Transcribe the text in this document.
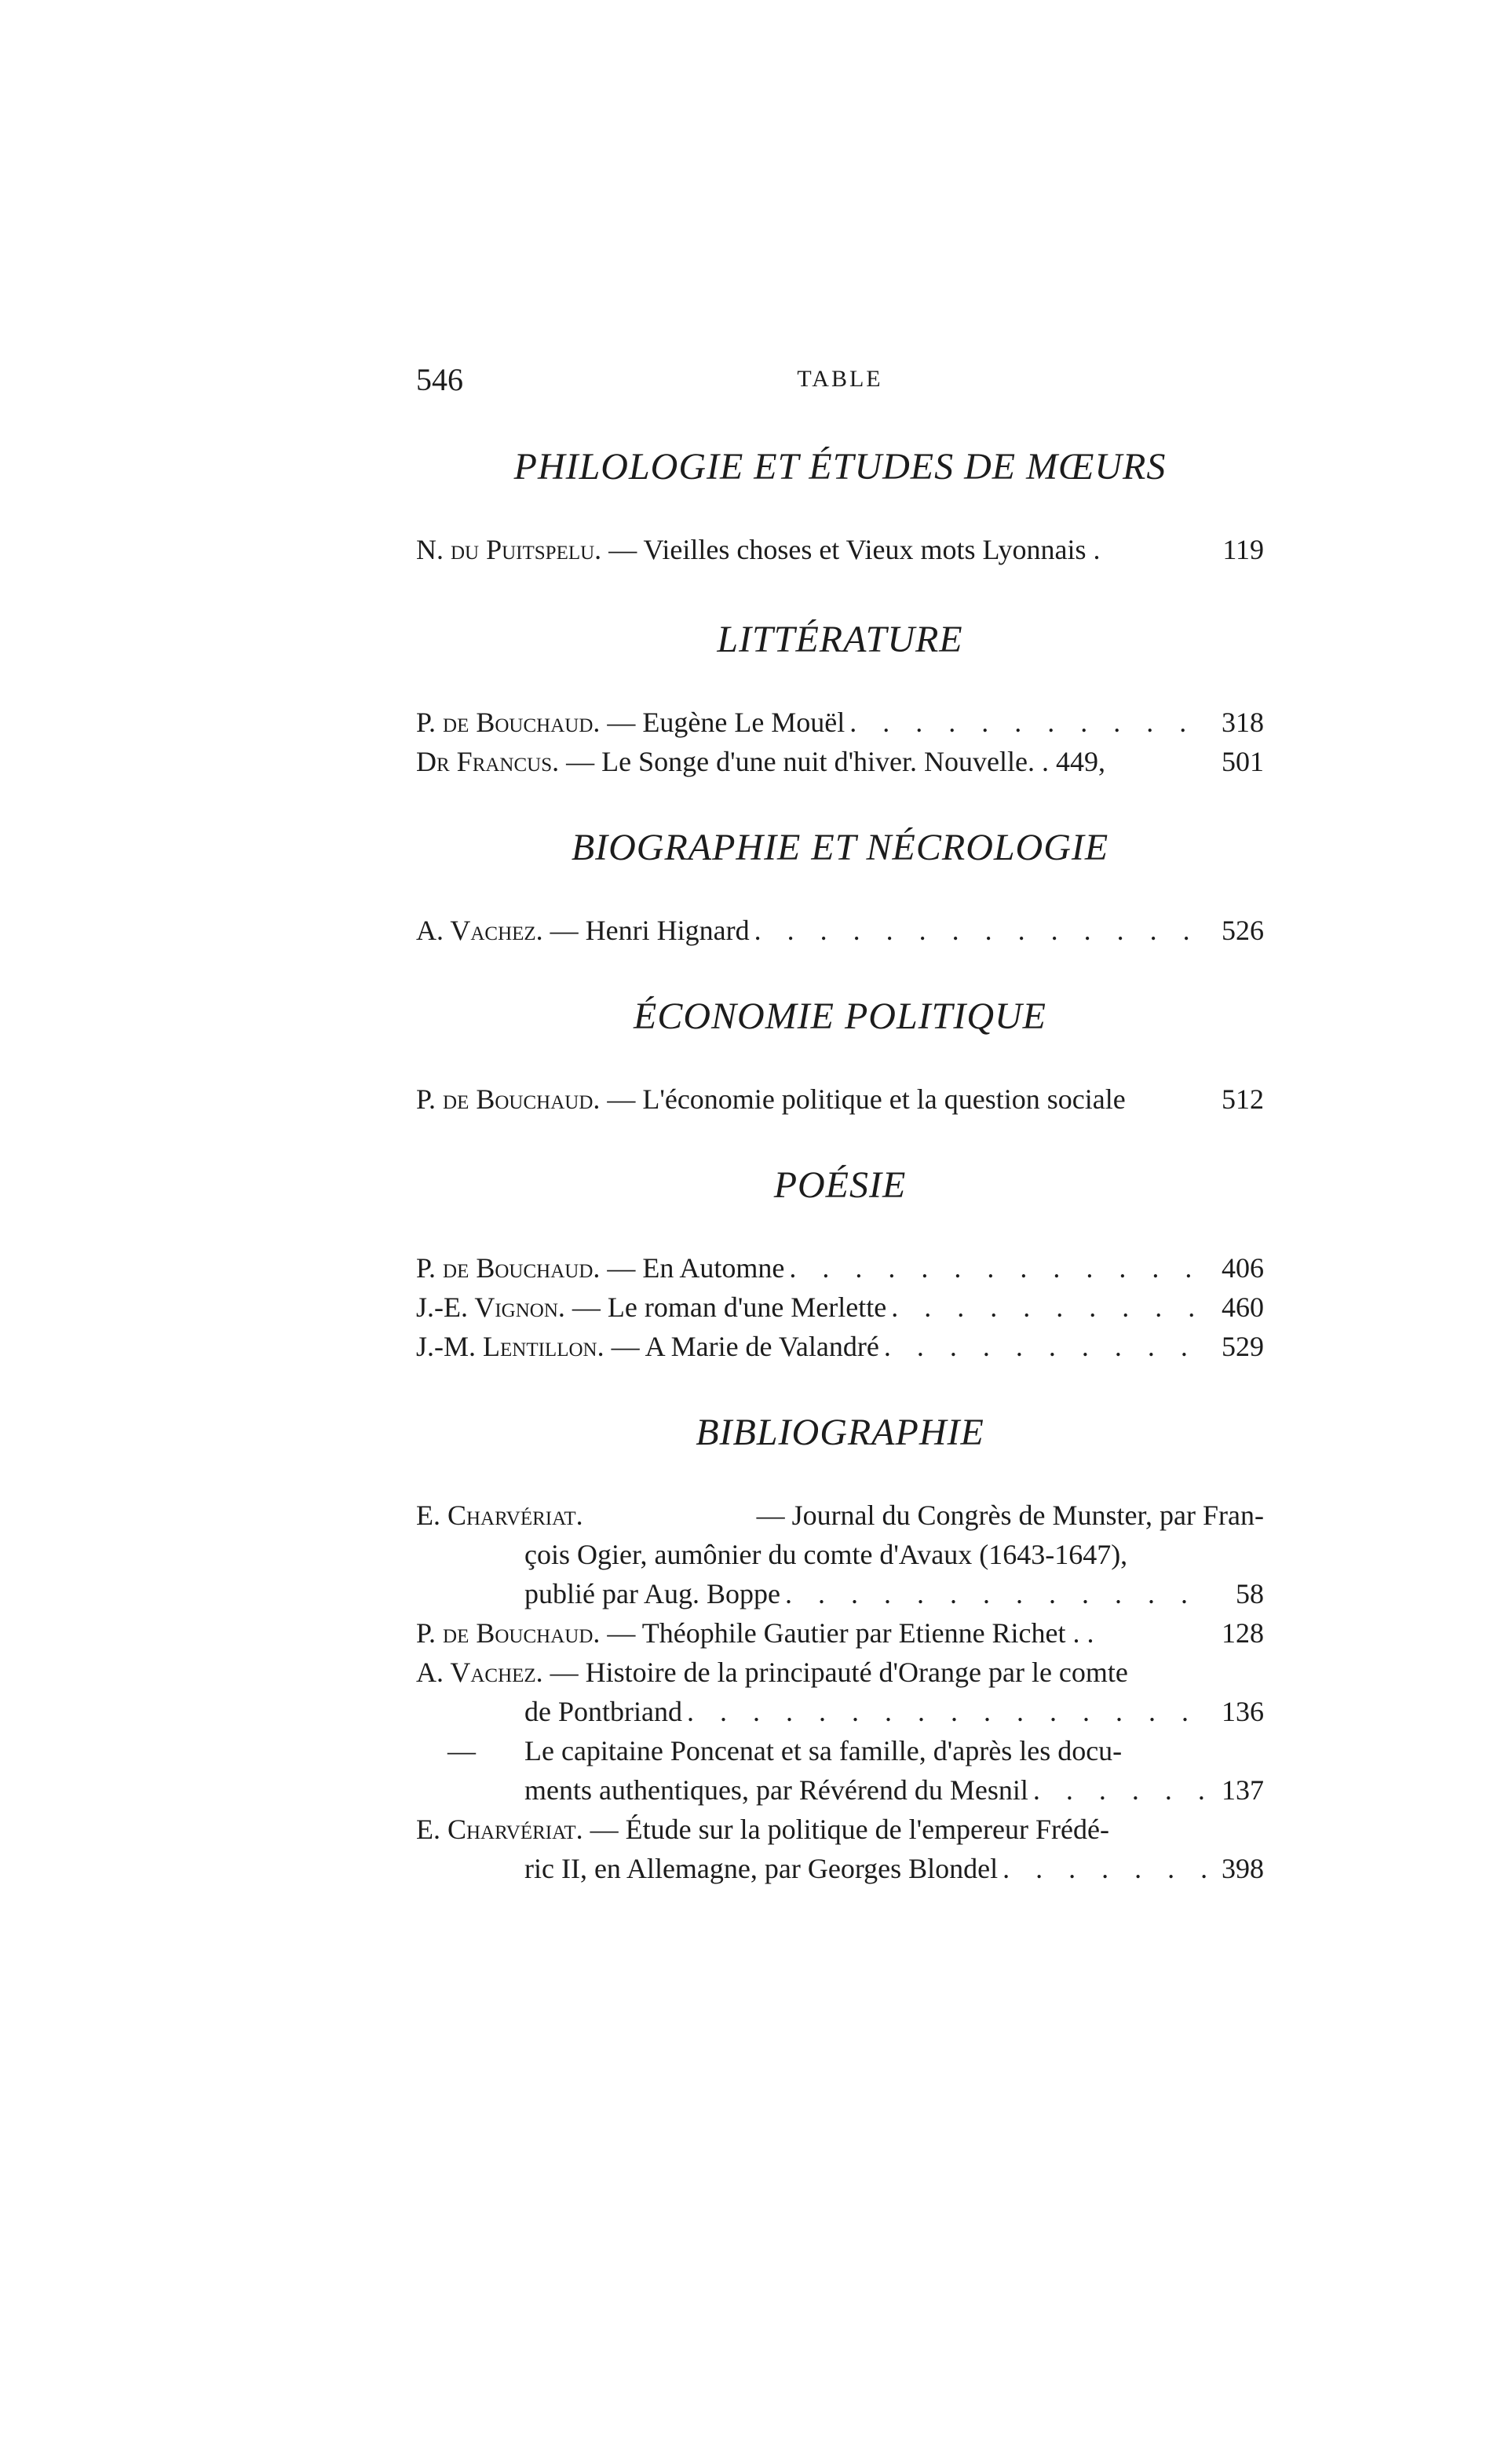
546	TABLE
PHILOLOGIE ET ÉTUDES DE MŒURS
N. du Puitspelu. — Vieilles choses et Vieux mots Lyonnais .	119
LITTÉRATURE
P. de Bouchaud. — Eugène Le Mouël . . .	318
Dr Francus. — Le Songe d'une nuit d'hiver. Nouvelle. . 449,	501
BIOGRAPHIE ET NÉCROLOGIE
A. Vachez. — Henri Hignard . . .	526
ÉCONOMIE POLITIQUE
P. de Bouchaud. — L'économie politique et la question sociale	512
POÉSIE
P. de Bouchaud. — En Automne . . .	406
J.-E. Vignon. — Le roman d'une Merlette . . .	460
J.-M. Lentillon. — A Marie de Valandré . . .	529
BIBLIOGRAPHIE
E. Charvériat.	— Journal du Congrès de Munster, par Fran-
çois Ogier, aumônier du comte d'Avaux (1643-1647),
publié par Aug. Boppe . . .	58
P. de Bouchaud. — Théophile Gautier par Etienne Richet . .	128
A. Vachez. — Histoire de la principauté d'Orange par le comte
de Pontbriand . . .	136
— Le capitaine Poncenat et sa famille, d'après les docu-
ments authentiques, par Révérend du Mesnil . . .	137
E. Charvériat. — Étude sur la politique de l'empereur Frédé-
ric II, en Allemagne, par Georges Blondel . . .	398
